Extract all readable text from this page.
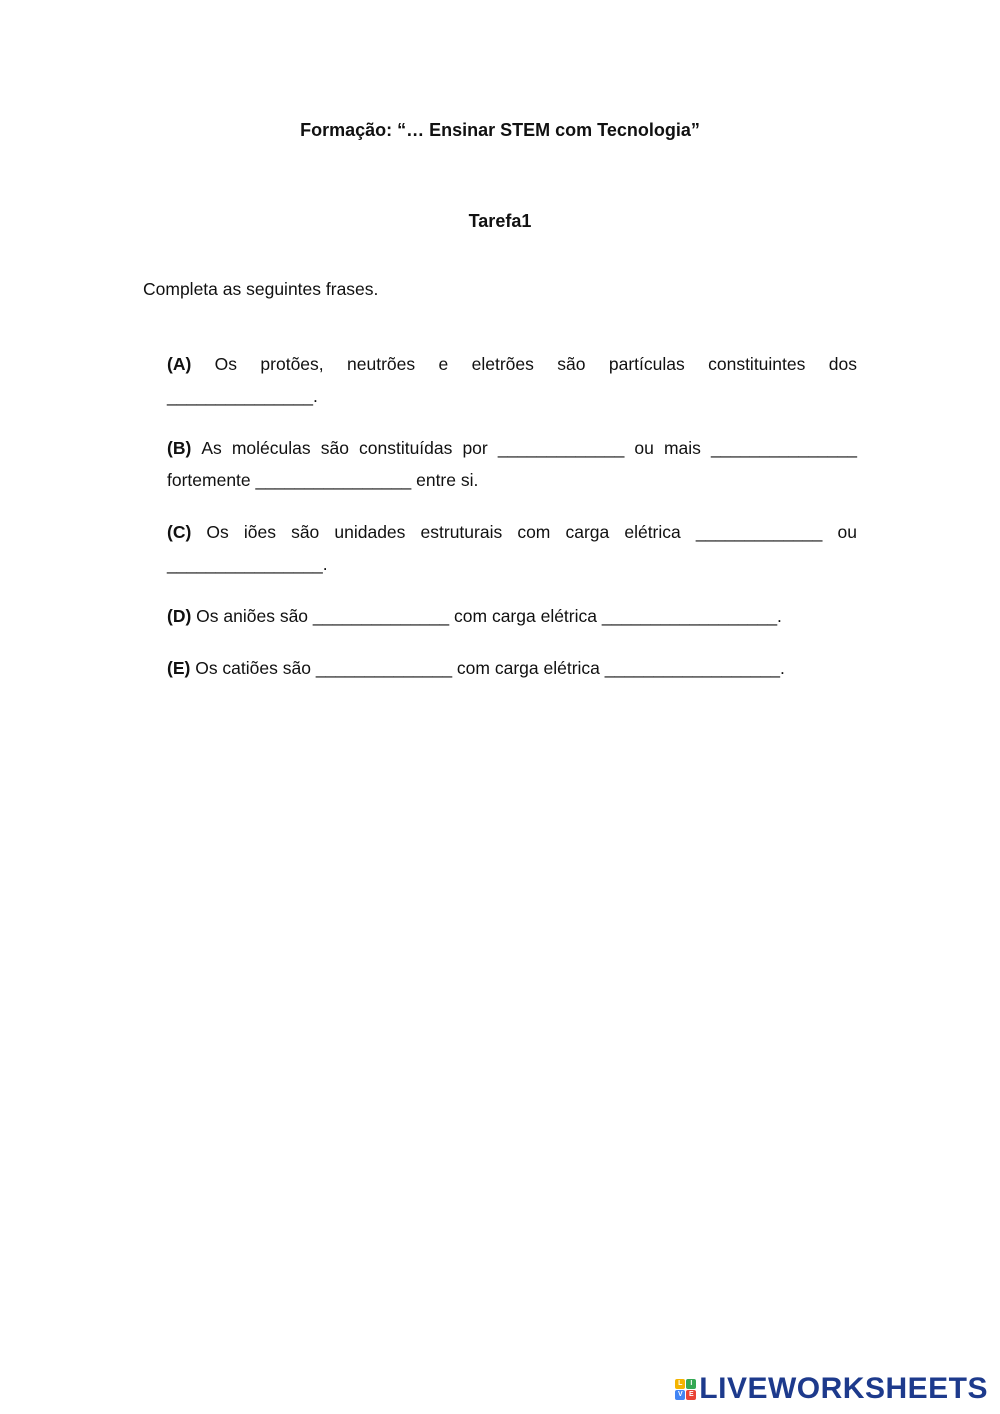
Formação: “… Ensinar STEM com Tecnologia”
Tarefa1
Completa as seguintes frases.
(A) Os protões, neutrões e eletrões são partículas constituintes dos
_______________.
(B) As moléculas são constituídas por _____________ ou mais _______________
fortemente ________________ entre si.
(C) Os iões são unidades estruturais com carga elétrica _____________ ou
________________.
(D) Os aniões são ______________ com carga elétrica __________________.
(E) Os catiões são ______________ com carga elétrica __________________.
L	I
V E LIVEWORKSHEETS
